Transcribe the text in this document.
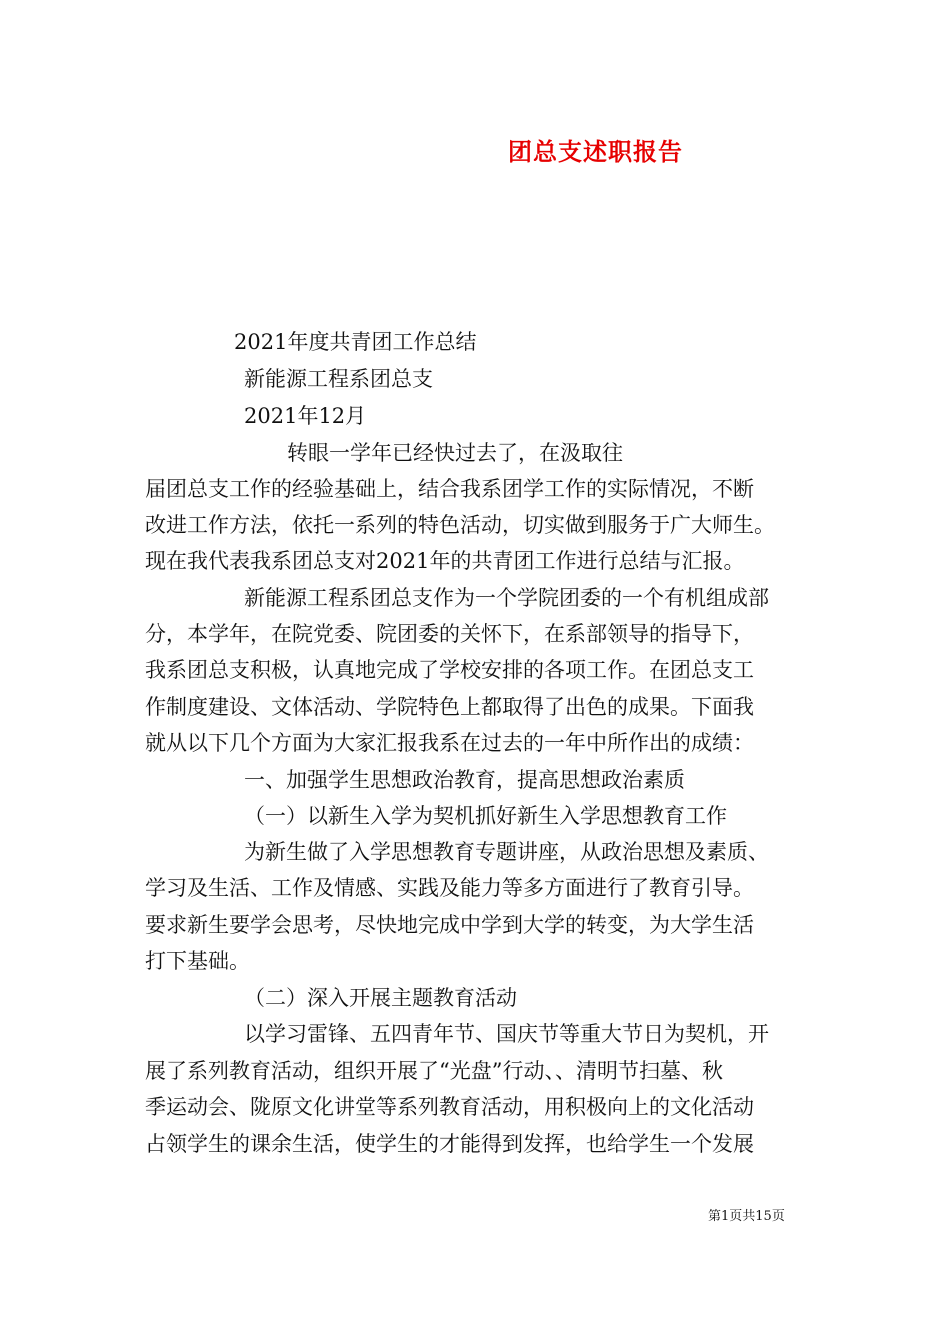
团总支述职报告

2021年度共青团工作总结

新能源工程系团总支

2021年12月

转眼一学年已经快过去了，在汲取往

届团总支工作的经验基础上，结合我系团学工作的实际情况，不断

改进工作方法，依托一系列的特色活动，切实做到服务于广大师生。

现在我代表我系团总支对2021年的共青团工作进行总结与汇报。

新能源工程系团总支作为一个学院团委的一个有机组成部

分，本学年，在院党委、院团委的关怀下，在系部领导的指导下，

我系团总支积极，认真地完成了学校安排的各项工作。在团总支工

作制度建设、文体活动、学院特色上都取得了出色的成果。下面我

就从以下几个方面为大家汇报我系在过去的一年中所作出的成绩：

一、加强学生思想政治教育，提高思想政治素质

（一）以新生入学为契机抓好新生入学思想教育工作

为新生做了入学思想教育专题讲座，从政治思想及素质、

学习及生活、工作及情感、实践及能力等多方面进行了教育引导。

要求新生要学会思考，尽快地完成中学到大学的转变，为大学生活

打下基础。

（二）深入开展主题教育活动

以学习雷锋、五四青年节、国庆节等重大节日为契机，开

展了系列教育活动，组织开展了“光盘”行动、、清明节扫墓、秋

季运动会、陇原文化讲堂等系列教育活动，用积极向上的文化活动

占领学生的课余生活，使学生的才能得到发挥，也给学生一个发展

第1页共15页
